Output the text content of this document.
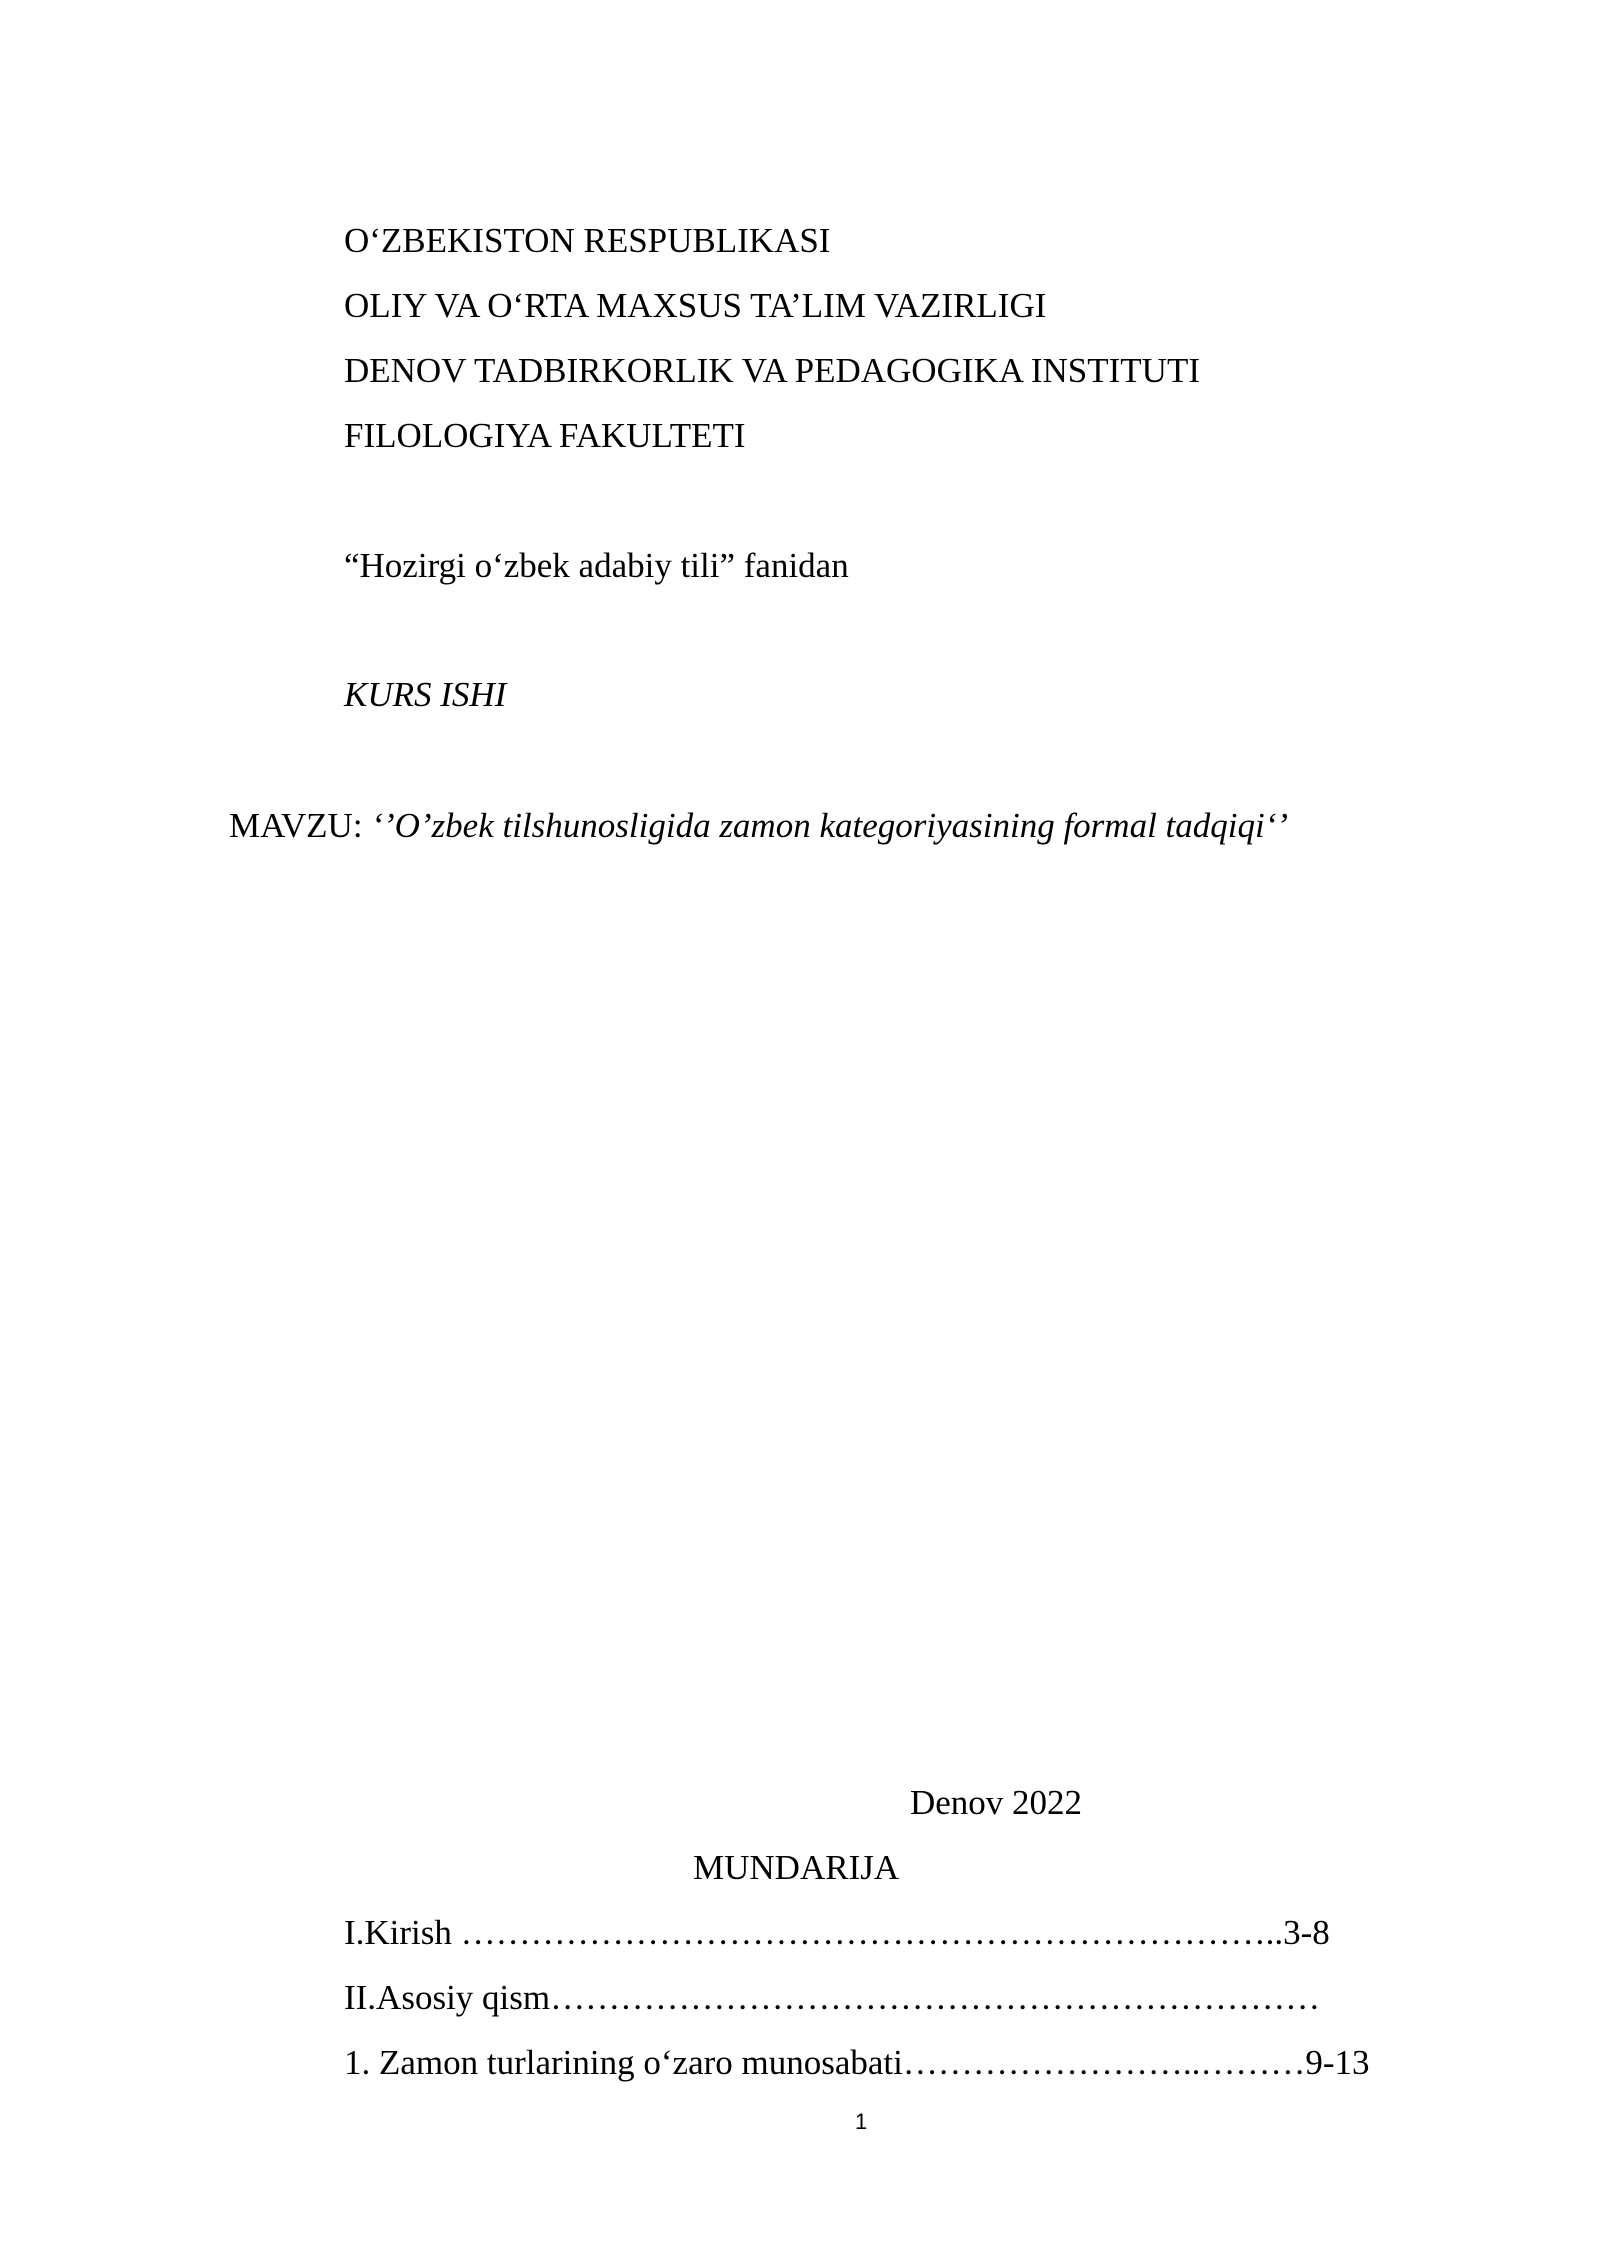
O‘ZBEKISTON RESPUBLIKASI
OLIY VA O‘RTA MAXSUS TA’LIM VAZIRLIGI
DENOV TADBIRKORLIK VA PEDAGOGIKA INSTITUTI
FILOLOGIYA FAKULTETI
“Hozirgi o‘zbek adabiy tili” fanidan
KURS ISHI
MAVZU: ‘’O’zbek tilshunosligida zamon kategoriyasining formal tadqiqi‘’
Denov 2022
MUNDARIJA
I.Kirish ……………………………………………………………..3-8
II.Asosiy qism…………………………………………………………
1. Zamon turlarining o‘zaro munosabati……………………..………9-13
1
